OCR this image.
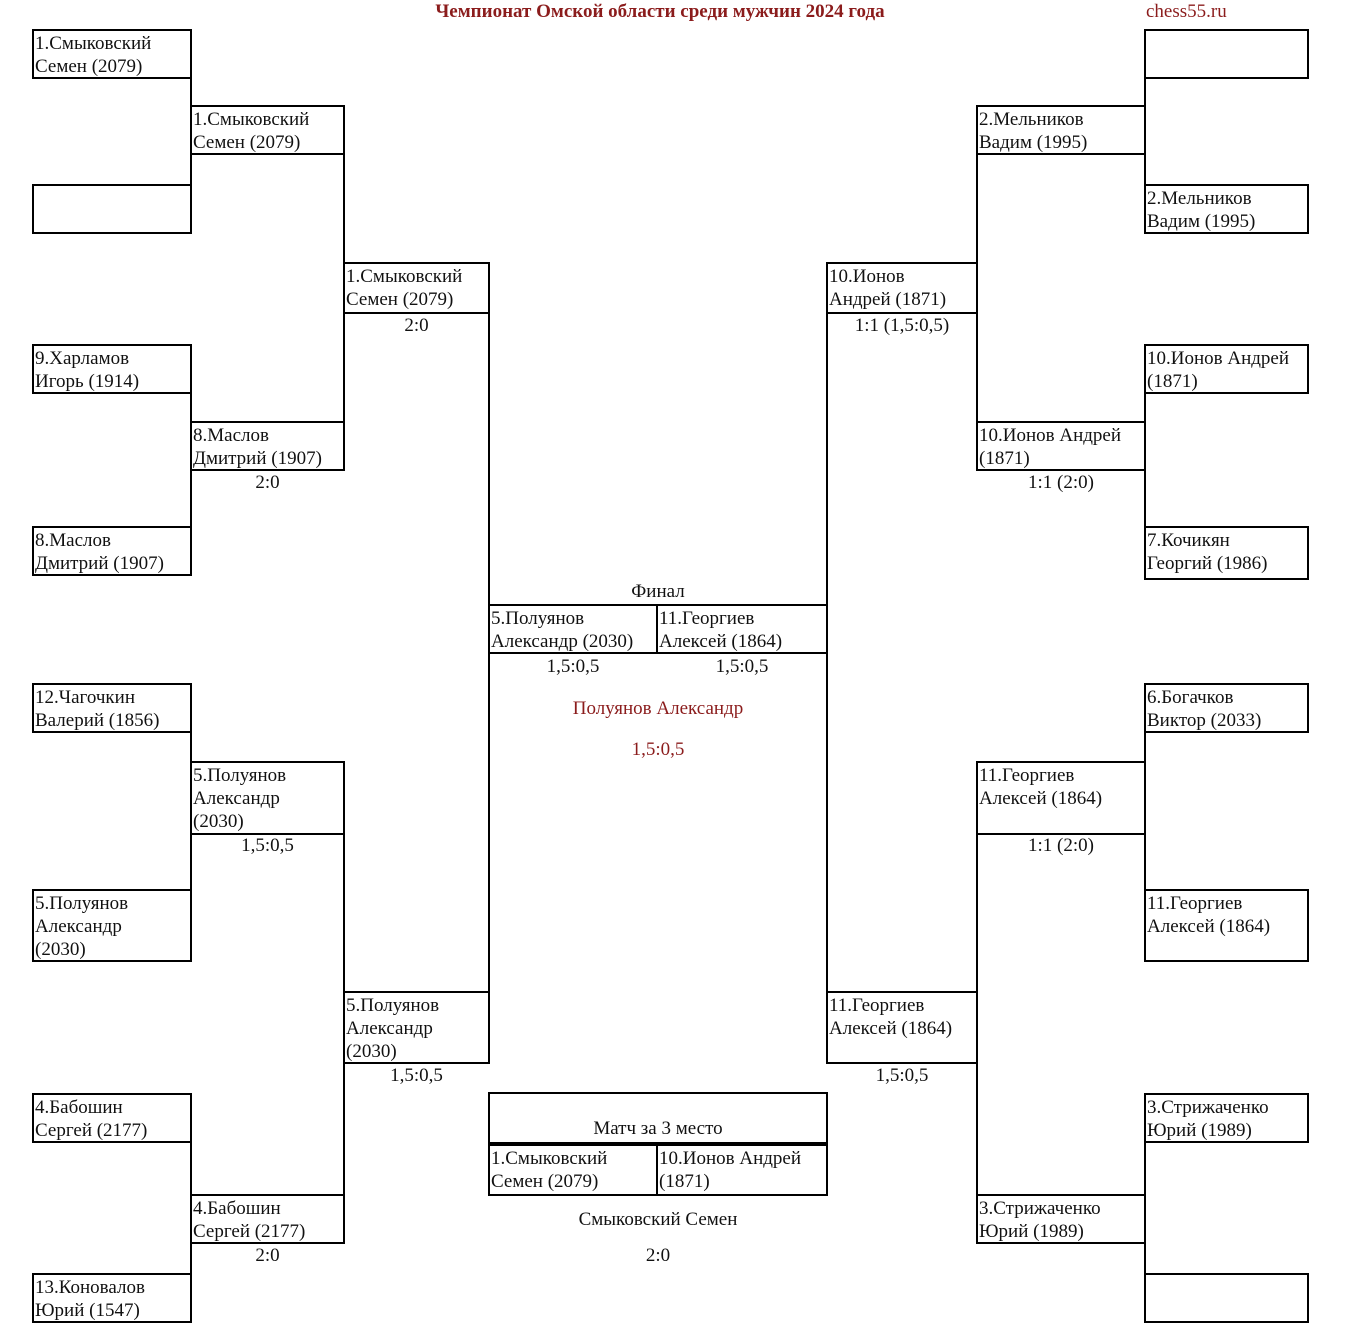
Чемпионат Омской области среди мужчин 2024 года	chess55.ru
1.Смыковский
Семен (2079)
9.Харламов
Игорь (1914)
8.Маслов
Дмитрий (1907)
12.Чагочкин
Валерий (1856)
5.Полуянов
Александр
(2030)
4.Бабошин
Сергей (2177)
13.Коновалов
Юрий (1547)
1.Смыковский
Семен (2079)
8.Маслов
Дмитрий (1907)
2:0
5.Полуянов
Александр
(2030)
1,5:0,5
4.Бабошин
Сергей (2177)
2:0
1.Смыковский
Семен (2079)
2:0
5.Полуянов
Александр
(2030)
1,5:0,5
2.Мельников
Вадим (1995)
10.Ионов Андрей
(1871)
7.Кочикян
Георгий (1986)
6.Богачков
Виктор (2033)
11.Георгиев
Алексей (1864)
3.Стрижаченко
Юрий (1989)
2.Мельников
Вадим (1995)
10.Ионов Андрей
(1871)
1:1 (2:0)
11.Георгиев
Алексей (1864)
1:1 (2:0)
3.Стрижаченко
Юрий (1989)
10.Ионов
Андрей (1871)
1:1 (1,5:0,5)
11.Георгиев
Алексей (1864)
1,5:0,5
Финал
5.Полуянов
Александр (2030)
11.Георгиев
Алексей (1864)
1,5:0,5	1,5:0,5
Полуянов Александр
1,5:0,5

Матч за 3 место

1.Смыковский
Семен (2079)
10.Ионов Андрей
(1871)
Смыковский Семен
2:0
